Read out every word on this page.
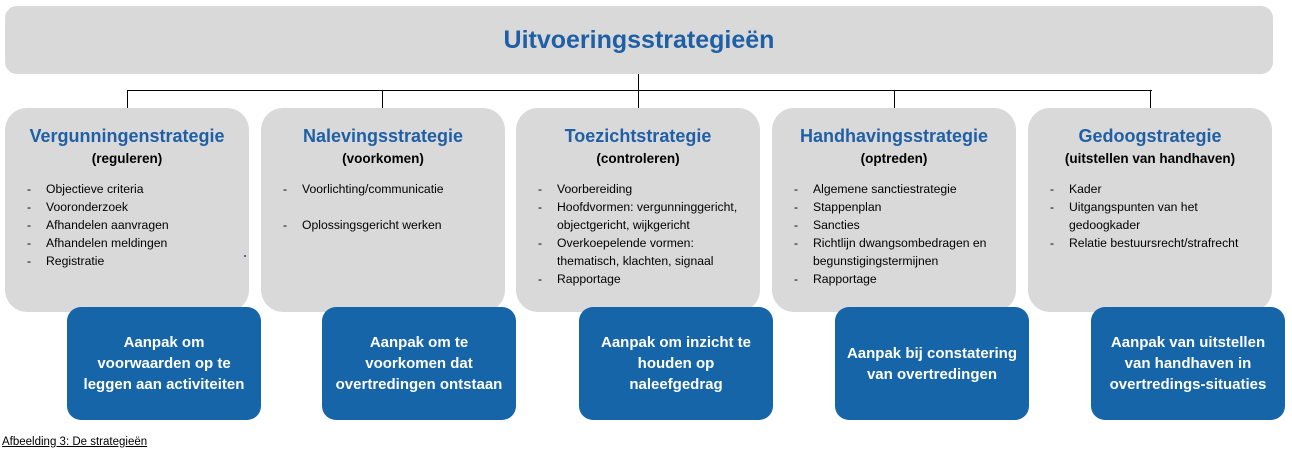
Uitvoeringsstrategieën
Vergunningenstrategie
(reguleren)
- Objectieve criteria
- Vooronderzoek
- Afhandelen aanvragen
- Afhandelen meldingen
- Registratie
Nalevingsstrategie
(voorkomen)
- Voorlichting/communicatie
- Oplossingsgericht werken
Toezichtstrategie
(controleren)
- Voorbereiding
- Hoofdvormen: vergunninggericht, objectgericht, wijkgericht
- Overkoepelende vormen: thematisch, klachten, signaal
- Rapportage
Handhavingsstrategie
(optreden)
- Algemene sanctiestrategie
- Stappenplan
- Sancties
- Richtlijn dwangsombedragen en begunstigingstermijnen
- Rapportage
Gedoogstrategie
(uitstellen van handhaven)
- Kader
- Uitgangspunten van het gedoogkader
- Relatie bestuursrecht/strafrecht
Aanpak om voorwaarden op te leggen aan activiteiten
Aanpak om te voorkomen dat overtredingen ontstaan
Aanpak om inzicht te houden op naleefgedrag
Aanpak bij constatering van overtredingen
Aanpak van uitstellen van handhaven in overtredings-situaties
Afbeelding 3: De strategieën
